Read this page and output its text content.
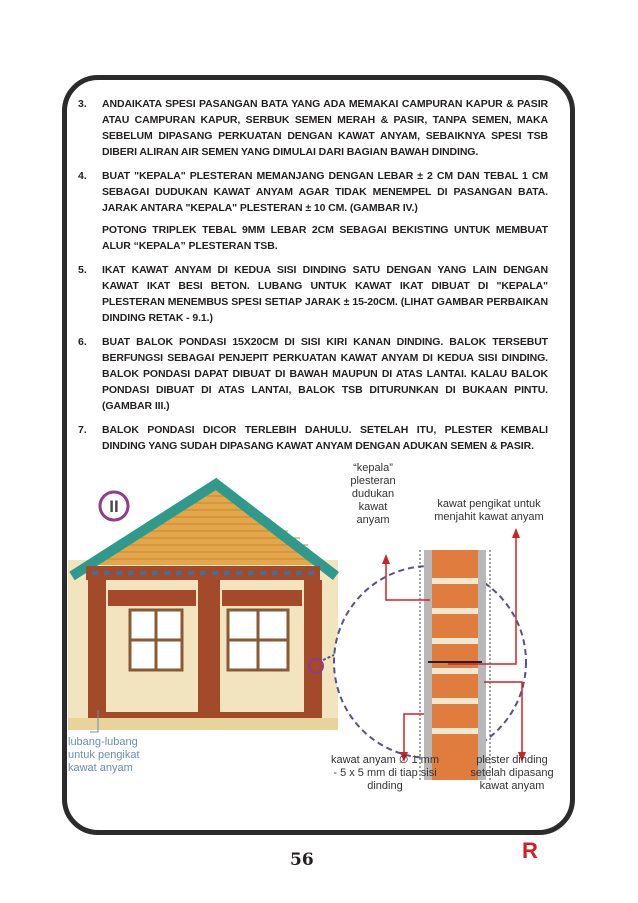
3. ANDAIKATA SPESI PASANGAN BATA YANG ADA MEMAKAI CAMPURAN KAPUR & PASIR ATAU CAMPURAN KAPUR, SERBUK SEMEN MERAH & PASIR, TANPA SEMEN, MAKA SEBELUM DIPASANG PERKUATAN DENGAN KAWAT ANYAM, SEBAIKNYA SPESI TSB DIBERI ALIRAN AIR SEMEN YANG DIMULAI DARI BAGIAN BAWAH DINDING.

4. BUAT "KEPALA" PLESTERAN MEMANJANG DENGAN LEBAR ± 2 CM DAN TEBAL 1 CM SEBAGAI DUDUKAN KAWAT ANYAM AGAR TIDAK MENEMPEL DI PASANGAN BATA. JARAK ANTARA "KEPALA" PLESTERAN ± 10 CM. (GAMBAR IV.)

POTONG TRIPLEK TEBAL 9MM LEBAR 2CM SEBAGAI BEKISTING UNTUK MEMBUAT ALUR “KEPALA” PLESTERAN TSB.

5. IKAT KAWAT ANYAM DI KEDUA SISI DINDING SATU DENGAN YANG LAIN DENGAN KAWAT IKAT BESI BETON. LUBANG UNTUK KAWAT IKAT DIBUAT DI "KEPALA" PLESTERAN MENEMBUS SPESI SETIAP JARAK ± 15-20CM. (LIHAT GAMBAR PERBAIKAN DINDING RETAK - 9.1.)

6. BUAT BALOK PONDASI 15X20CM DI SISI KIRI KANAN DINDING. BALOK TERSEBUT BERFUNGSI SEBAGAI PENJEPIT PERKUATAN KAWAT ANYAM DI KEDUA SISI DINDING. BALOK PONDASI DAPAT DIBUAT DI BAWAH MAUPUN DI ATAS LANTAI. KALAU BALOK PONDASI DIBUAT DI ATAS LANTAI, BALOK TSB DITURUNKAN DI BUKAAN PINTU. (GAMBAR III.)

7. BALOK PONDASI DICOR TERLEBIH DAHULU. SETELAH ITU, PLESTER KEMBALI DINDING YANG SUDAH DIPASANG KAWAT ANYAM DENGAN ADUKAN SEMEN & PASIR.

II
“kepala” plesteran dudukan kawat anyam
kawat pengikat untuk menjahit kawat anyam
lubang-lubang untuk pengikat kawat anyam
kawat anyam ∅ 1 mm - 5 x 5 mm di tiap sisi dinding
plester dinding setelah dipasang kawat anyam
56	R
